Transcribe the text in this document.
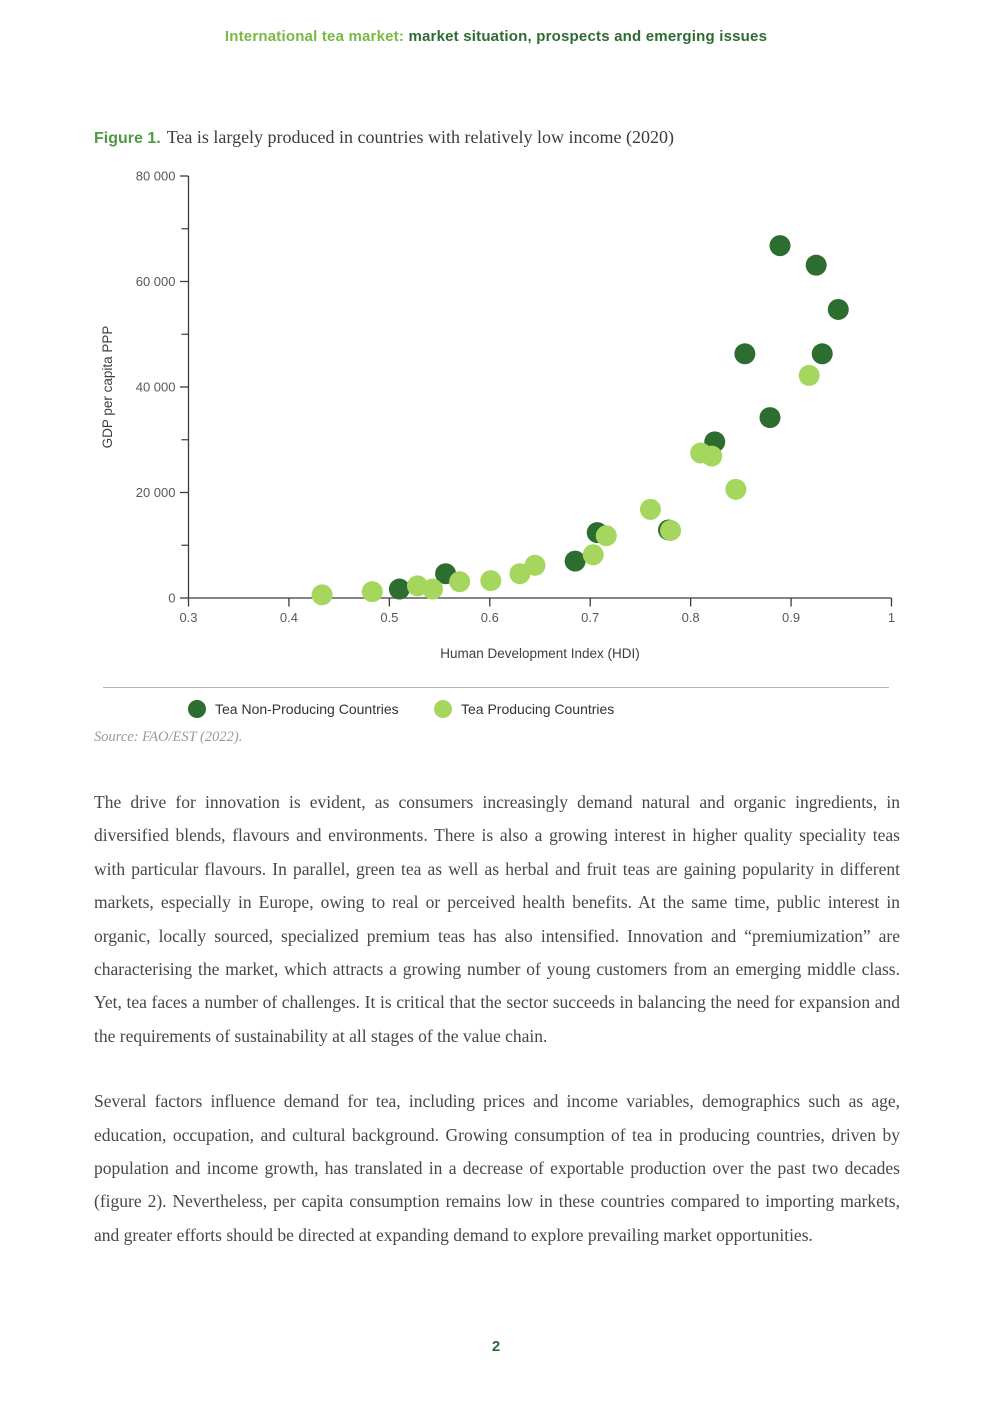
International tea market: market situation, prospects and emerging issues
Figure 1. Tea is largely produced in countries with relatively low income (2020)
0
20 000
40 000
60 000
80 000
0.3	0.4	0.5	0.6	0.7	0.8	0.9	1
GDP per capita PPP
Human Development Index (HDI)
Tea Non-Producing Countries	Tea Producing Countries
Source: FAO/EST (2022).

The drive for innovation is evident, as consumers increasingly demand natural and organic ingredients, in diversified blends, flavours and environments. There is also a growing interest in higher quality speciality teas with particular flavours. In parallel, green tea as well as herbal and fruit teas are gaining popularity in different markets, especially in Europe, owing to real or perceived health benefits. At the same time, public interest in organic, locally sourced, specialized premium teas has also intensified. Innovation and “premiumization” are characterising the market, which attracts a growing number of young customers from an emerging middle class. Yet, tea faces a number of challenges. It is critical that the sector succeeds in balancing the need for expansion and the requirements of sustainability at all stages of the value chain.

Several factors influence demand for tea, including prices and income variables, demographics such as age, education, occupation, and cultural background. Growing consumption of tea in producing countries, driven by population and income growth, has translated in a decrease of exportable production over the past two decades (figure 2). Nevertheless, per capita consumption remains low in these countries compared to importing markets, and greater efforts should be directed at expanding demand to explore prevailing market opportunities.

2
